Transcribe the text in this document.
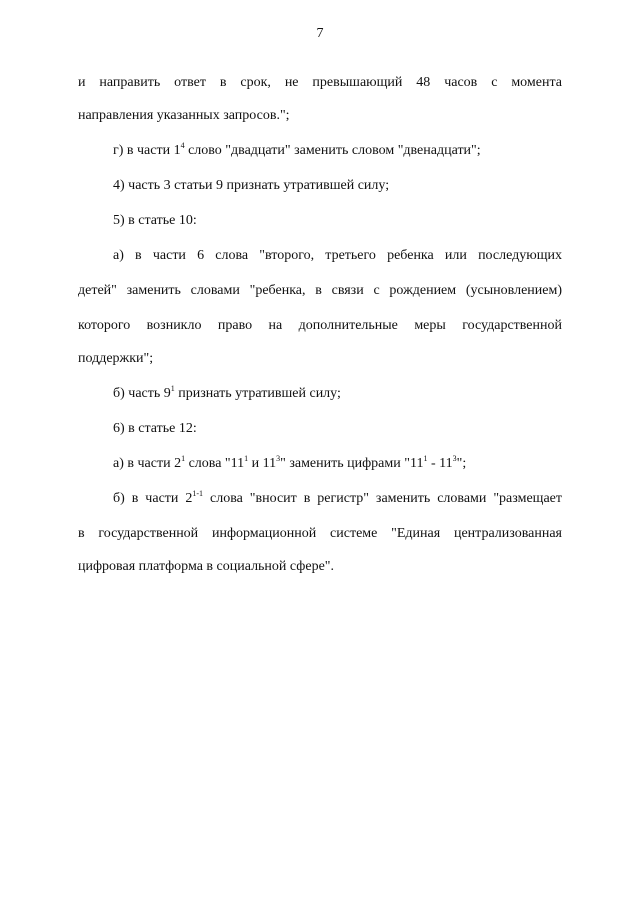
7
и направить ответ в срок, не превышающий 48 часов с момента
направления указанных запросов.";
г) в части $1^4$ слово "двадцати" заменить словом "двенадцати";
4) часть 3 статьи 9 признать утратившей силу;
5) в статье 10:
а) в части 6 слова "второго, третьего ребенка или последующих
детей" заменить словами "ребенка, в связи с рождением (усыновлением)
которого возникло право на дополнительные меры государственной
поддержки";
б) часть $9^1$ признать утратившей силу;
6) в статье 12:
а) в части $2^1$ слова "$11^1$ и $11^3$" заменить цифрами "$11^1 - 11^3$";
б) в части 2$^{1-1}$ слова "вносит в регистр" заменить словами "размещает
в государственной информационной системе "Единая централизованная
цифровая платформа в социальной сфере".
